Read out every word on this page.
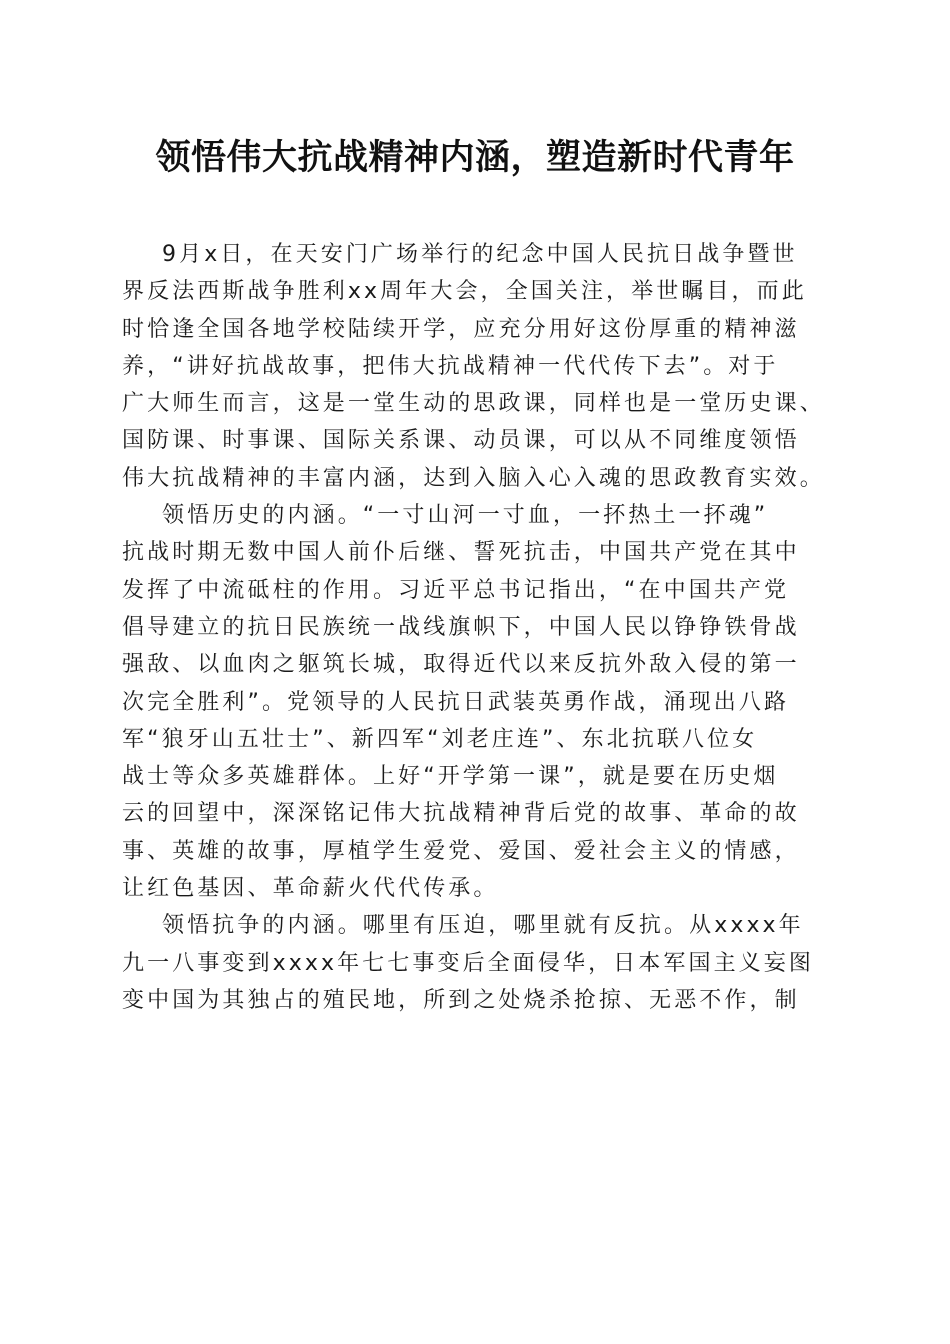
领悟伟大抗战精神内涵，塑造新时代青年
9月x日，在天安门广场举行的纪念中国人民抗日战争暨世
界反法西斯战争胜利xx周年大会，全国关注，举世瞩目，而此
时恰逢全国各地学校陆续开学，应充分用好这份厚重的精神滋
养，“讲好抗战故事，把伟大抗战精神一代代传下去”。对于
广大师生而言，这是一堂生动的思政课，同样也是一堂历史课、
国防课、时事课、国际关系课、动员课，可以从不同维度领悟
伟大抗战精神的丰富内涵，达到入脑入心入魂的思政教育实效。
领悟历史的内涵。“一寸山河一寸血，一抔热土一抔魂”
抗战时期无数中国人前仆后继、誓死抗击，中国共产党在其中
发挥了中流砥柱的作用。习近平总书记指出，“在中国共产党
倡导建立的抗日民族统一战线旗帜下，中国人民以铮铮铁骨战
强敌、以血肉之躯筑长城，取得近代以来反抗外敌入侵的第一
次完全胜利”。党领导的人民抗日武装英勇作战，涌现出八路
军“狼牙山五壮士”、新四军“刘老庄连”、东北抗联八位女
战士等众多英雄群体。上好“开学第一课”，就是要在历史烟
云的回望中，深深铭记伟大抗战精神背后党的故事、革命的故
事、英雄的故事，厚植学生爱党、爱国、爱社会主义的情感，
让红色基因、革命薪火代代传承。
领悟抗争的内涵。哪里有压迫，哪里就有反抗。从xxxx年
九一八事变到xxxx年七七事变后全面侵华，日本军国主义妄图
变中国为其独占的殖民地，所到之处烧杀抢掠、无恶不作，制
